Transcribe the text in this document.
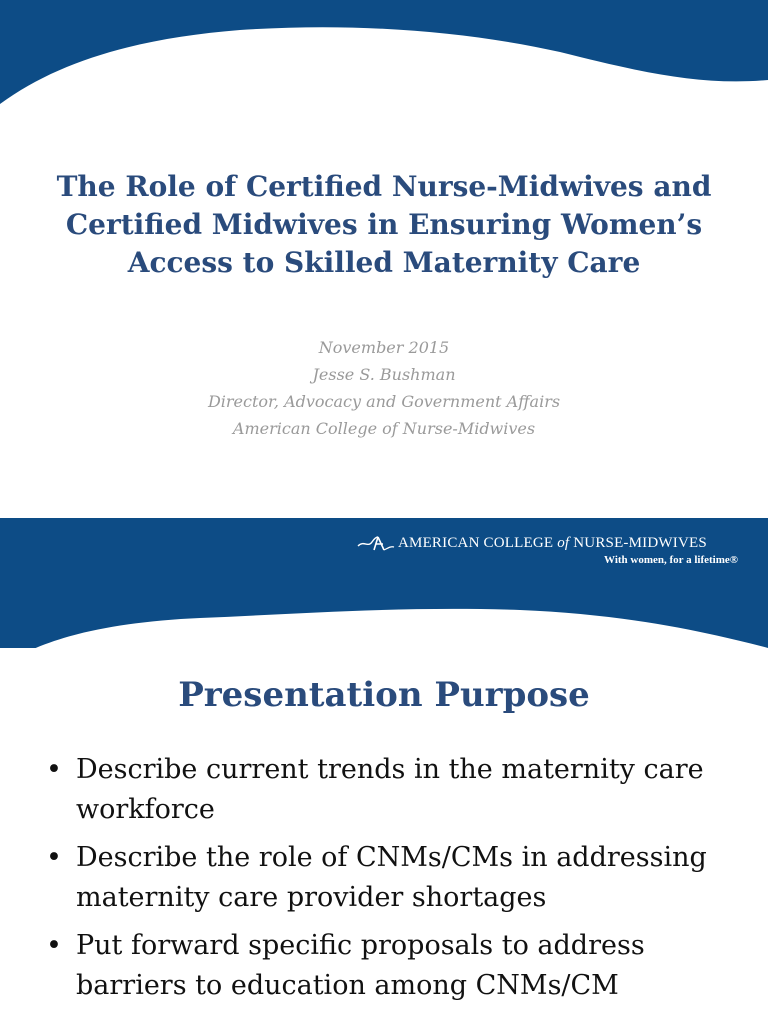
The Role of Certified Nurse-Midwives and
Certified Midwives in Ensuring Women’s
Access to Skilled Maternity Care
November 2015
Jesse S. Bushman
Director, Advocacy and Government Affairs
American College of Nurse-Midwives
AMERICAN COLLEGE of NURSE-MIDWIVES
With women, for a lifetime®
Presentation Purpose
• Describe current trends in the maternity care workforce
• Describe the role of CNMs/CMs in addressing maternity care provider shortages
• Put forward specific proposals to address barriers to education among CNMs/CM
